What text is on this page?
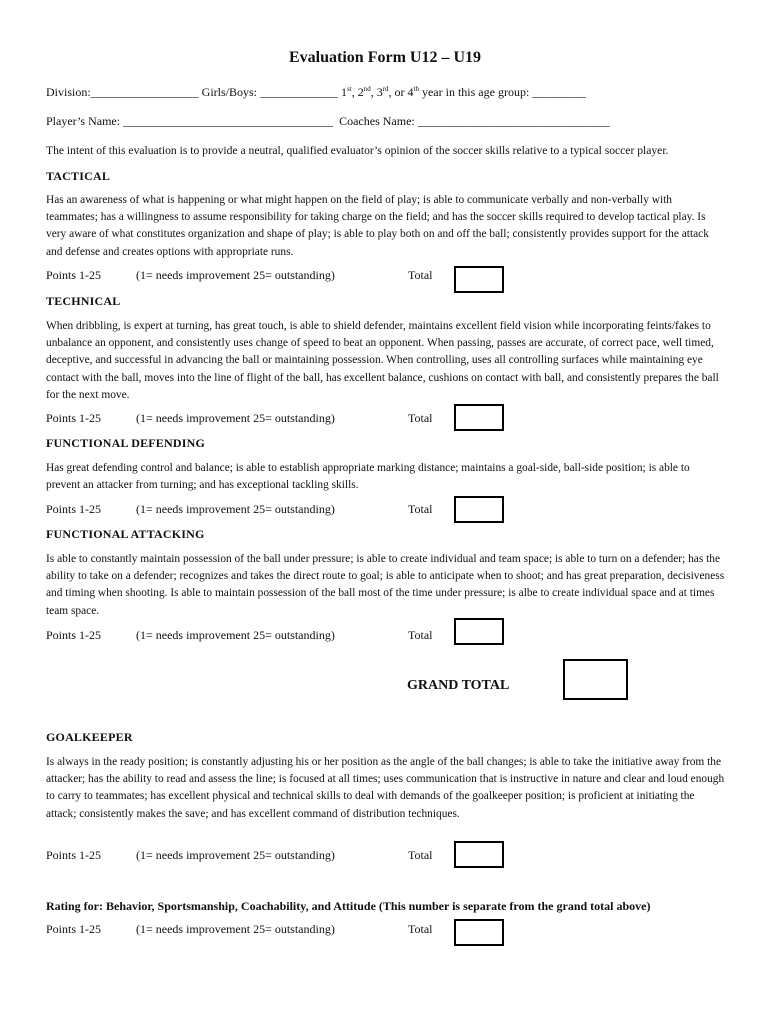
Evaluation Form U12 – U19
Division:__________________ Girls/Boys: _____________ 1st, 2nd, 3rd, or 4th year in this age group: _________
Player’s Name: ___________________________________ Coaches Name: ________________________________
The intent of this evaluation is to provide a neutral, qualified evaluator’s opinion of the soccer skills relative to a typical soccer player.
TACTICAL
Has an awareness of what is happening or what might happen on the field of play; is able to communicate verbally and non-verbally with teammates; has a willingness to assume responsibility for taking charge on the field; and has the soccer skills required to develop tactical play. Is very aware of what constitutes organization and shape of play; is able to play both on and off the ball; consistently provides support for the attack and defense and creates options with appropriate runs.
Points 1-25	(1= needs improvement 25= outstanding)	Total
TECHNICAL
When dribbling, is expert at turning, has great touch, is able to shield defender, maintains excellent field vision while incorporating feints/fakes to unbalance an opponent, and consistently uses change of speed to beat an opponent. When passing, passes are accurate, of correct pace, well timed, deceptive, and successful in advancing the ball or maintaining possession. When controlling, uses all controlling surfaces while maintaining eye contact with the ball, moves into the line of flight of the ball, has excellent balance, cushions on contact with ball, and consistently prepares the ball for the next move.
Points 1-25	(1= needs improvement 25= outstanding)	Total
FUNCTIONAL DEFENDING
Has great defending control and balance; is able to establish appropriate marking distance; maintains a goal-side, ball-side position; is able to prevent an attacker from turning; and has exceptional tackling skills.
Points 1-25	(1= needs improvement 25= outstanding)	Total
FUNCTIONAL ATTACKING
Is able to constantly maintain possession of the ball under pressure; is able to create individual and team space; is able to turn on a defender; has the ability to take on a defender; recognizes and takes the direct route to goal; is able to anticipate when to shoot; and has great preparation, decisiveness and timing when shooting. Is able to maintain possession of the ball most of the time under pressure; is albe to create individual space and at times team space.
Points 1-25	(1= needs improvement 25= outstanding)	Total
GRAND TOTAL
GOALKEEPER
Is always in the ready position; is constantly adjusting his or her position as the angle of the ball changes; is able to take the initiative away from the attacker; has the ability to read and assess the line; is focused at all times; uses communication that is instructive in nature and clear and loud enough to carry to teammates; has excellent physical and technical skills to deal with demands of the goalkeeper position; is proficient at initiating the attack; consistently makes the save; and has excellent command of distribution techniques.
Points 1-25	(1= needs improvement 25= outstanding)	Total
Rating for: Behavior, Sportsmanship, Coachability, and Attitude (This number is separate from the grand total above)
Points 1-25	(1= needs improvement 25= outstanding)	Total
